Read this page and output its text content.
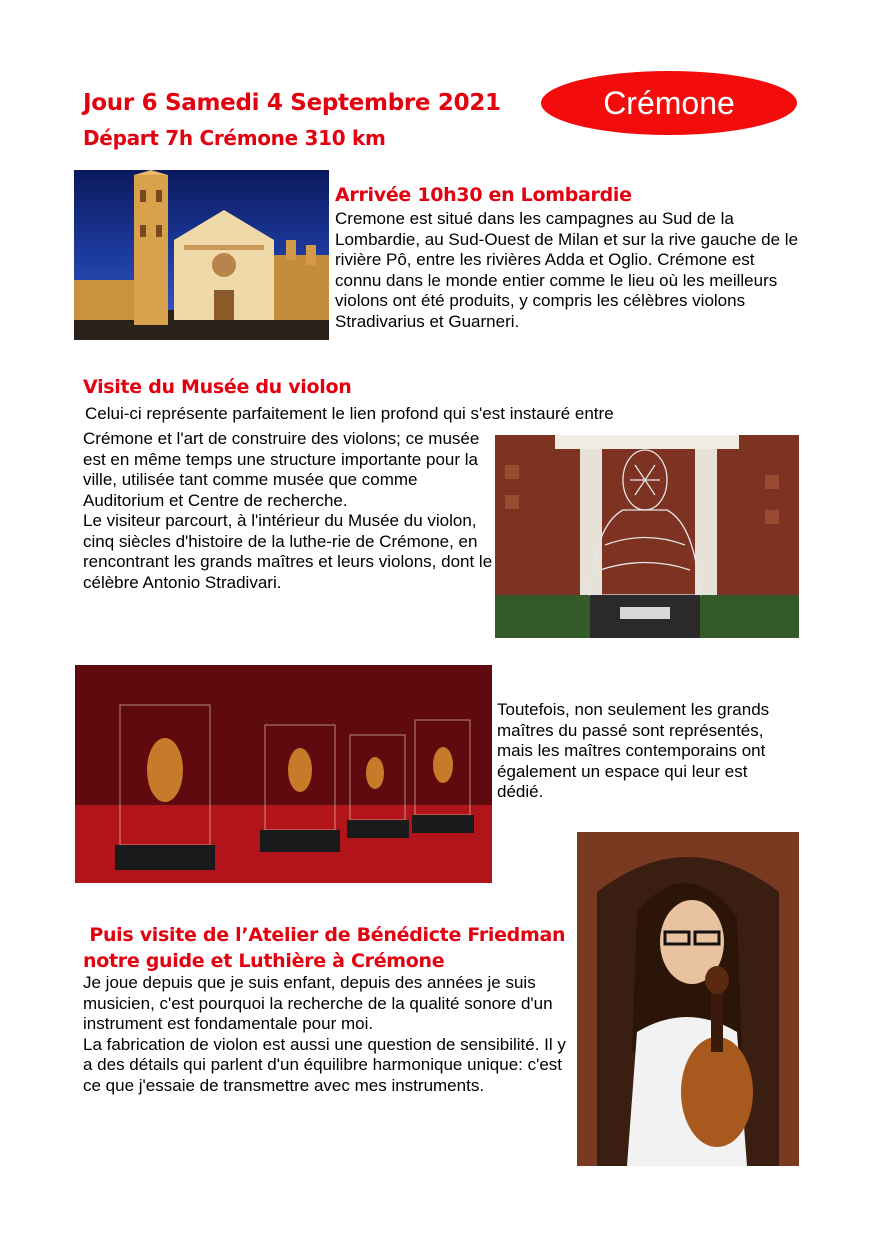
Jour 6 Samedi 4 Septembre 2021
Départ 7h Crémone 310 km
Crémone
Arrivée 10h30 en Lombardie
Cremone est situé dans les campagnes au Sud de la Lombardie, au Sud-Ouest de Milan et sur la rive gauche de le rivière Pô, entre les rivières Adda et Oglio. Crémone est connu dans le monde entier comme le lieu où les meilleurs violons ont été produits, y compris les célèbres violons Stradivarius et Guarneri.
Visite du Musée du violon
Celui-ci représente parfaitement le lien profond qui s'est instauré entre

Crémone et l'art de construire des violons; ce musée est en même temps une structure importante pour la ville, utilisée tant comme musée que comme Auditorium et Centre de recherche.

Le visiteur parcourt, à l'intérieur du Musée du violon, cinq siècles d'histoire de la luthe-rie de Crémone, en rencontrant les grands maîtres et leurs violons, dont le célèbre Antonio Stradivari.

Toutefois, non seulement les grands maîtres du passé sont représentés, mais les maîtres contemporains ont également un espace qui leur est dédié.
Puis visite de l’Atelier de Bénédicte Friedman
notre guide et Luthière à Crémone

Je joue depuis que je suis enfant, depuis des années je suis musicien, c'est pourquoi la recherche de la qualité sonore d'un instrument est fondamentale pour moi.

La fabrication de violon est aussi une question de sensibilité. Il y a des détails qui parlent d'un équilibre harmonique unique: c'est ce que j'essaie de transmettre avec mes instruments.
